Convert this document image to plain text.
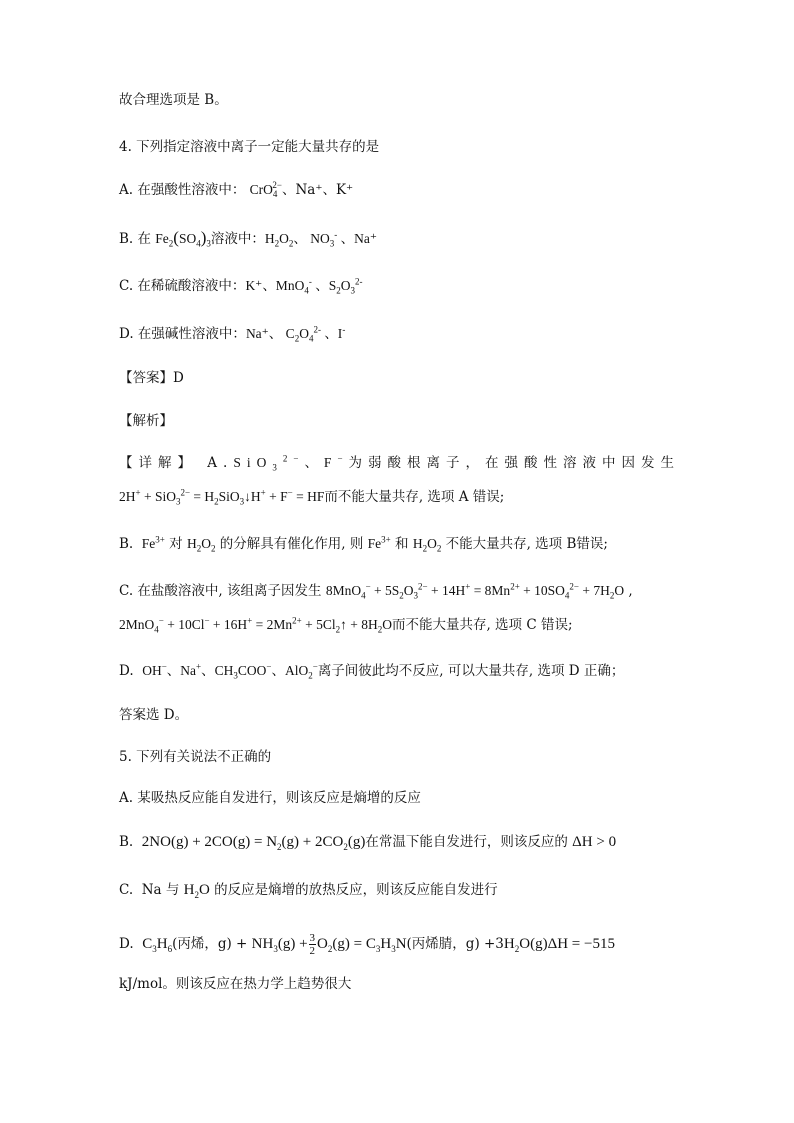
故合理选项是 B。
4. 下列指定溶液中离子一定能大量共存的是
A. 在强酸性溶液中： CrO$_4^{2-}$、Na⁺、K⁺
B. 在 $Fe_2(SO_4)_3$溶液中：$H_2O_2$、 $NO_3^-$ 、Na⁺
C. 在稀硫酸溶液中：K⁺、MnO$_4$- 、$S_2O_3^{2-}$
D. 在强碱性溶液中：Na⁺、 $C_2O_4^{2-}$ 、I-
【答案】D
【解析】
【详解】 A.SiO$_3^{2-}$、F−为弱酸根离子，在强酸性溶液中因发生
$2H^+ + SiO_3^{2-} = H_2SiO_3↓H^+ + F^-$ = HF而不能大量共存, 选项 A 错误;
B.  $Fe^{3+}$ 对 $H_2O_2$ 的分解具有催化作用, 则 $Fe^{3+}$ 和 $H_2O_2$ 不能大量共存, 选项 B错误;
C. 在盐酸溶液中, 该组离子因发生 $8MnO_4^- + 5S_2O_3^{2-} + 14H^+ = 8Mn^{2+} + 10SO_4^{2-} + 7H_2O$ ,
$2MnO_4^- + 10Cl^- + 16H^+ = 2Mn^{2+}$ + $5Cl_2↑ + 8H_2O$而不能大量共存, 选项 C 错误;
D.  OH−、Na+、$CH_3COO^-$、AlO$_2$−离子间彼此均不反应, 可以大量共存, 选项 D 正确；
答案选 D。
5. 下列有关说法不正确的
A. 某吸热反应能自发进行，则该反应是熵增的反应
B.  $2NO(g) + 2CO(g) = N_2(g) + 2CO_2(g)$在常温下能自发进行，则该反应的 ΔH > 0
C.  Na 与 $H_2O$ 的反应是熵增的放热反应，则该反应能自发进行
D.  $C_3H_6$(丙烯，$g) + NH_3(g) + \frac{3}{2} O_2(g) = C_3H_3N$(丙烯腈，$g) +3H_2O(g)\Delta H = -515$
kJ/mol。则该反应在热力学上趋势很大
